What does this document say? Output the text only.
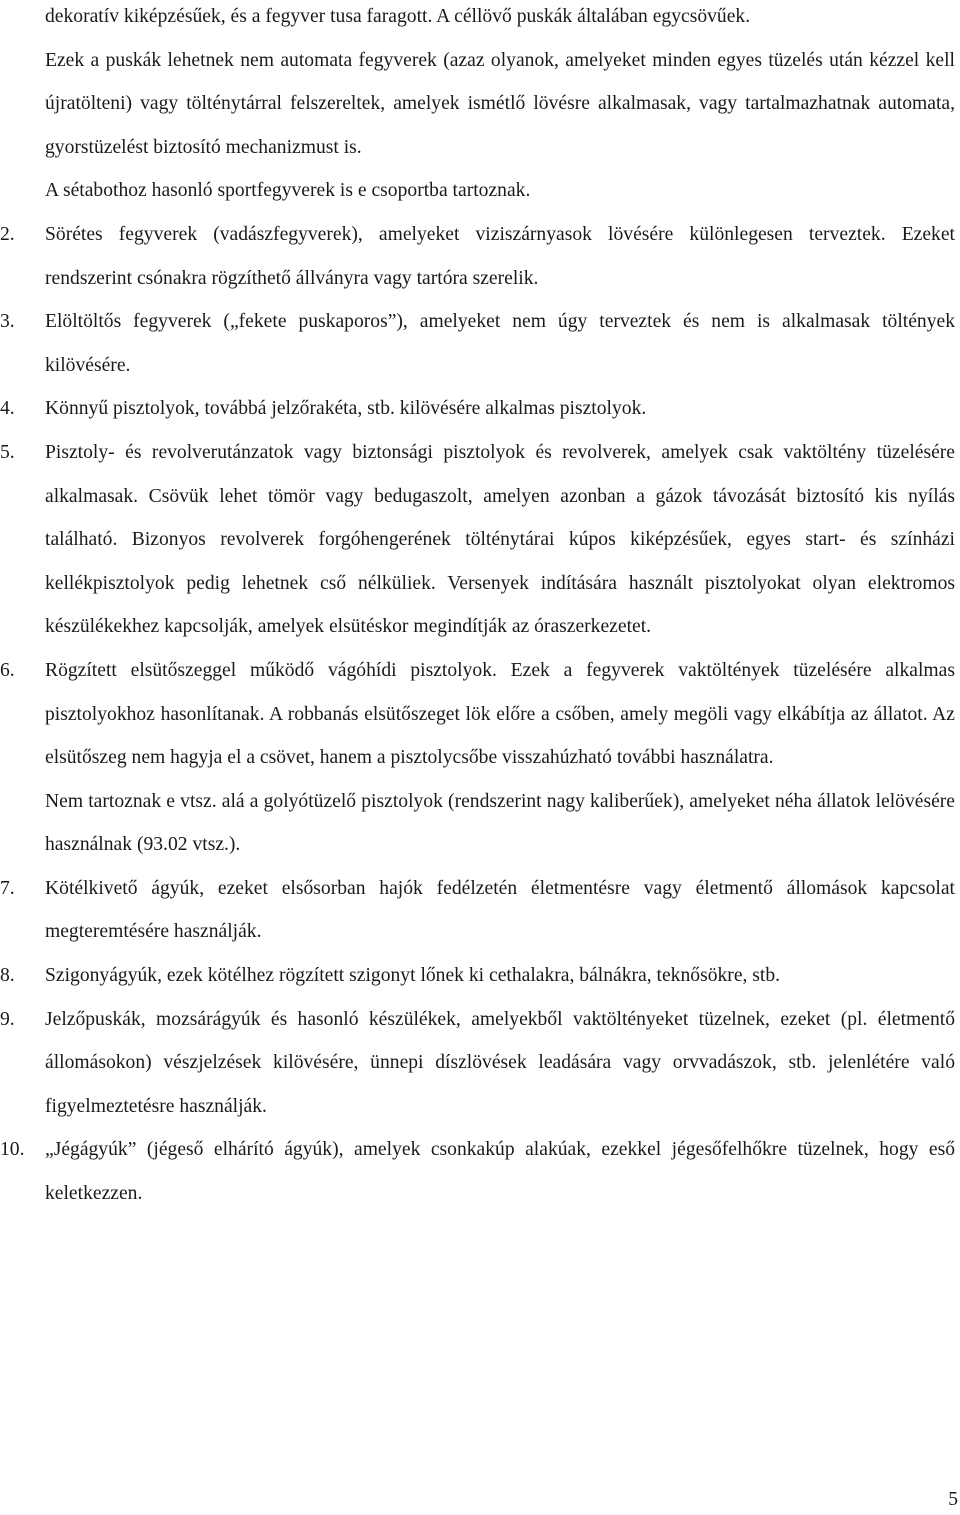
dekoratív kiképzésűek, és a fegyver tusa faragott. A céllövő puskák általában egycsövűek.
Ezek a puskák lehetnek nem automata fegyverek (azaz olyanok, amelyeket minden egyes tüzelés után kézzel kell újratölteni) vagy tölténytárral felszereltek, amelyek ismétlő lövésre alkalmasak, vagy tartalmazhatnak automata, gyorstüzelést biztosító mechanizmust is.
A sétabothoz hasonló sportfegyverek is e csoportba tartoznak.
2.	Sörétes fegyverek (vadászfegyverek), amelyeket viziszárnyasok lövésére különlegesen terveztek. Ezeket rendszerint csónakra rögzíthető állványra vagy tartóra szerelik.
3.	Elöltöltős fegyverek („fekete puskaporos”), amelyeket nem úgy terveztek és nem is alkalmasak töltények kilövésére.
4.	Könnyű pisztolyok, továbbá jelzőrakéta, stb. kilövésére alkalmas pisztolyok.
5.	Pisztoly- és revolverutánzatok vagy biztonsági pisztolyok és revolverek, amelyek csak vaktöltény tüzelésére alkalmasak. Csövük lehet tömör vagy bedugaszolt, amelyen azonban a gázok távozását biztosító kis nyílás található. Bizonyos revolverek forgóhengerének tölténytárai kúpos kiképzésűek, egyes start- és színházi kellékpisztolyok pedig lehetnek cső nélküliek. Versenyek indítására használt pisztolyokat olyan elektromos készülékekhez kapcsolják, amelyek elsütéskor megindítják az óraszerkezetet.
6.	Rögzített elsütőszeggel működő vágóhídi pisztolyok. Ezek a fegyverek vaktöltények tüzelésére alkalmas pisztolyokhoz hasonlítanak. A robbanás elsütőszeget lök előre a csőben, amely megöli vagy elkábítja az állatot. Az elsütőszeg nem hagyja el a csövet, hanem a pisztolycsőbe visszahúzható további használatra.
Nem tartoznak e vtsz. alá a golyótüzelő pisztolyok (rendszerint nagy kaliberűek), amelyeket néha állatok lelövésére használnak (93.02 vtsz.).
7.	Kötélkivető ágyúk, ezeket elsősorban hajók fedélzetén életmentésre vagy életmentő állomások kapcsolat megteremtésére használják.
8.	Szigonyágyúk, ezek kötélhez rögzített szigonyt lőnek ki cethalakra, bálnákra, teknősökre, stb.
9.	Jelzőpuskák, mozsárágyúk és hasonló készülékek, amelyekből vaktöltényeket tüzelnek, ezeket (pl. életmentő állomásokon) vészjelzések kilövésére, ünnepi díszlövések leadására vagy orvvadászok, stb. jelenlétére való figyelmeztetésre használják.
10.	„Jégágyúk” (jégeső elhárító ágyúk), amelyek csonkakúp alakúak, ezekkel jégesőfelhőkre tüzelnek, hogy eső keletkezzen.
5
